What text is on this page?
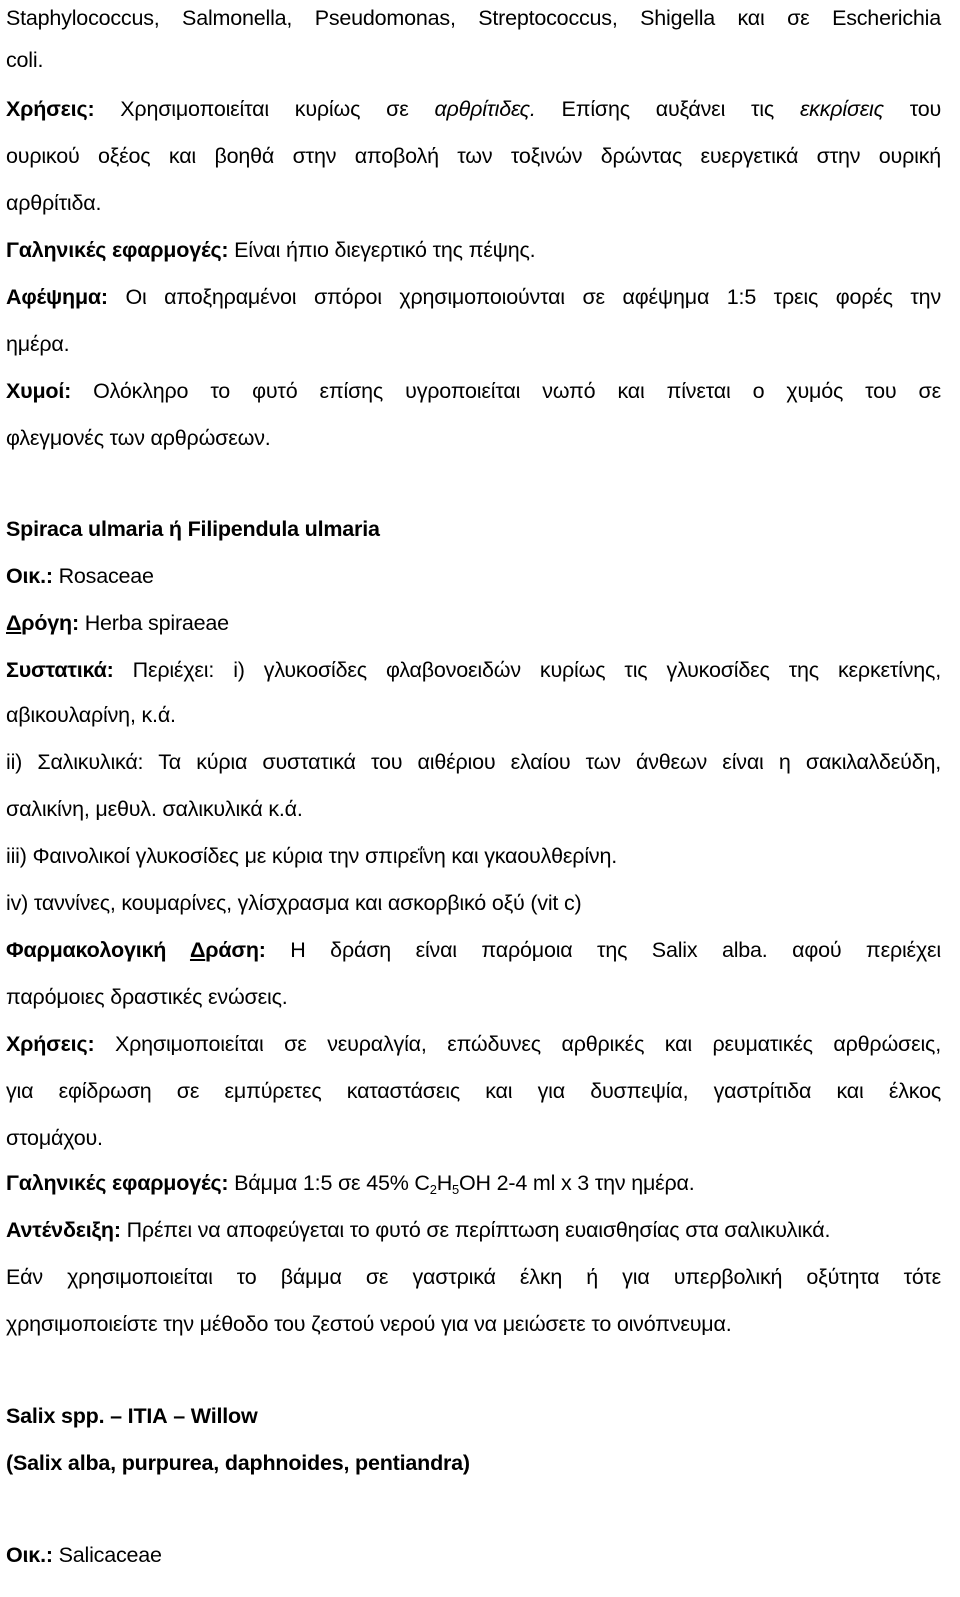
Staphylococcus, Salmonella, Pseudomonas, Streptococcus, Shigella και σε Escherichia
coli.
Χρήσεις: Χρησιμοποιείται κυρίως σε αρθρίτιδες. Επίσης αυξάνει τις εκκρίσεις του
ουρικού οξέος και βοηθά στην αποβολή των τοξινών δρώντας ευεργετικά στην ουρική
αρθρίτιδα.
Γαληνικές εφαρμογές: Είναι ήπιο διεγερτικό της πέψης.
Αφέψημα: Οι αποξηραμένοι σπόροι χρησιμοποιούνται σε αφέψημα 1:5 τρεις φορές την
ημέρα.
Χυμοί: Ολόκληρο το φυτό επίσης υγροποιείται νωπό και πίνεται ο χυμός του σε
φλεγμονές των αρθρώσεων.
Spiraca ulmaria ή Filipendula ulmaria
Οικ.: Rosaceae
Δρόγη: Herba spiraeae
Συστατικά: Περιέχει: i) γλυκοσίδες φλαβονοειδών κυρίως τις γλυκοσίδες της κερκετίνης,
αβικουλαρίνη, κ.ά.
ii) Σαλικυλικά: Τα κύρια συστατικά του αιθέριου ελαίου των άνθεων είναι η σακιλαλδεύδη,
σαλικίνη, μεθυλ. σαλικυλικά κ.ά.
iii) Φαινολικοί γλυκοσίδες με κύρια την σπιρεΐνη και γκαουλθερίνη.
iv) ταννίνες, κουμαρίνες, γλίσχρασμα και ασκορβικό οξύ (vit c)
Φαρμακολογική Δράση: Η δράση είναι παρόμοια της Salix alba. αφού περιέχει
παρόμοιες δραστικές ενώσεις.
Χρήσεις: Χρησιμοποιείται σε νευραλγία, επώδυνες αρθρικές και ρευματικές αρθρώσεις,
για εφίδρωση σε εμπύρετες καταστάσεις και για δυσπεψία, γαστρίτιδα και έλκος
στομάχου.
Γαληνικές εφαρμογές: Βάμμα 1:5 σε 45% $C_2H_5OH$ 2-4 ml x 3 την ημέρα.
Αντένδειξη: Πρέπει να αποφεύγεται το φυτό σε περίπτωση ευαισθησίας στα σαλικυλικά.
Εάν χρησιμοποιείται το βάμμα σε γαστρικά έλκη ή για υπερβολική οξύτητα τότε
χρησιμοποιείστε την μέθοδο του ζεστού νερού για να μειώσετε το οινόπνευμα.
Salix spp. – ΙΤΙΑ – Willow
(Salix alba, purpurea, daphnoides, pentiandra)
Οικ.: Salicaceae
